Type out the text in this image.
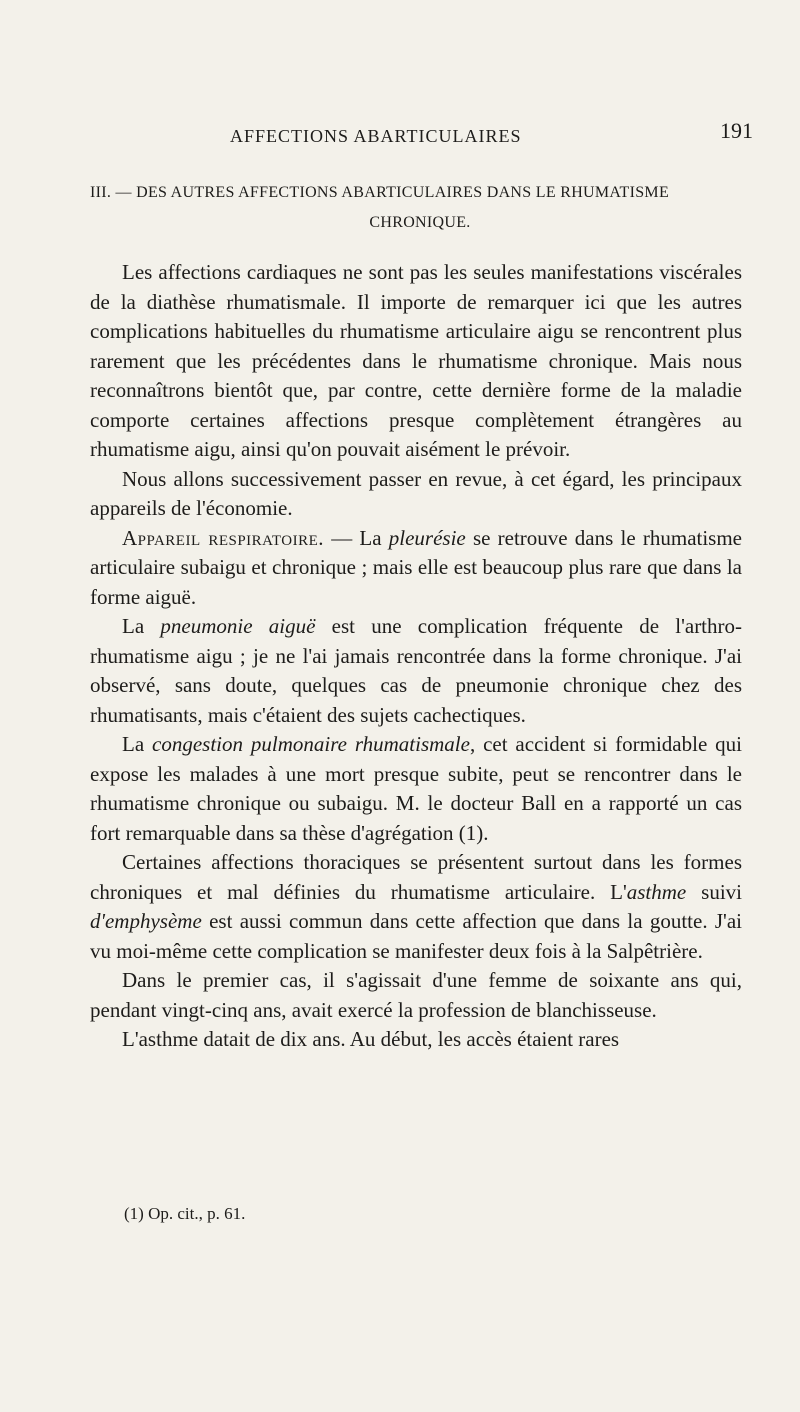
AFFECTIONS ABARTICULAIRES	191
III. — DES AUTRES AFFECTIONS ABARTICULAIRES DANS LE RHUMATISME
CHRONIQUE.

Les affections cardiaques ne sont pas les seules manifestations viscérales de la diathèse rhumatismale. Il importe de remarquer ici que les autres complications habituelles du rhumatisme articulaire aigu se rencontrent plus rarement que les précédentes dans le rhumatisme chronique. Mais nous reconnaîtrons bientôt que, par contre, cette dernière forme de la maladie comporte certaines affections presque complètement étrangères au rhumatisme aigu, ainsi qu'on pouvait aisément le prévoir.

Nous allons successivement passer en revue, à cet égard, les principaux appareils de l'économie.

Appareil respiratoire. — La pleurésie se retrouve dans le rhumatisme articulaire subaigu et chronique ; mais elle est beaucoup plus rare que dans la forme aiguë.

La pneumonie aiguë est une complication fréquente de l'arthro-rhumatisme aigu ; je ne l'ai jamais rencontrée dans la forme chronique. J'ai observé, sans doute, quelques cas de pneumonie chronique chez des rhumatisants, mais c'étaient des sujets cachectiques.

La congestion pulmonaire rhumatismale, cet accident si formidable qui expose les malades à une mort presque subite, peut se rencontrer dans le rhumatisme chronique ou subaigu. M. le docteur Ball en a rapporté un cas fort remarquable dans sa thèse d'agrégation (1).

Certaines affections thoraciques se présentent surtout dans les formes chroniques et mal définies du rhumatisme articulaire. L'asthme suivi d'emphysème est aussi commun dans cette affection que dans la goutte. J'ai vu moi-même cette complication se manifester deux fois à la Salpêtrière.

Dans le premier cas, il s'agissait d'une femme de soixante ans qui, pendant vingt-cinq ans, avait exercé la profession de blanchisseuse.

L'asthme datait de dix ans. Au début, les accès étaient rares

(1) Op. cit., p. 61.
